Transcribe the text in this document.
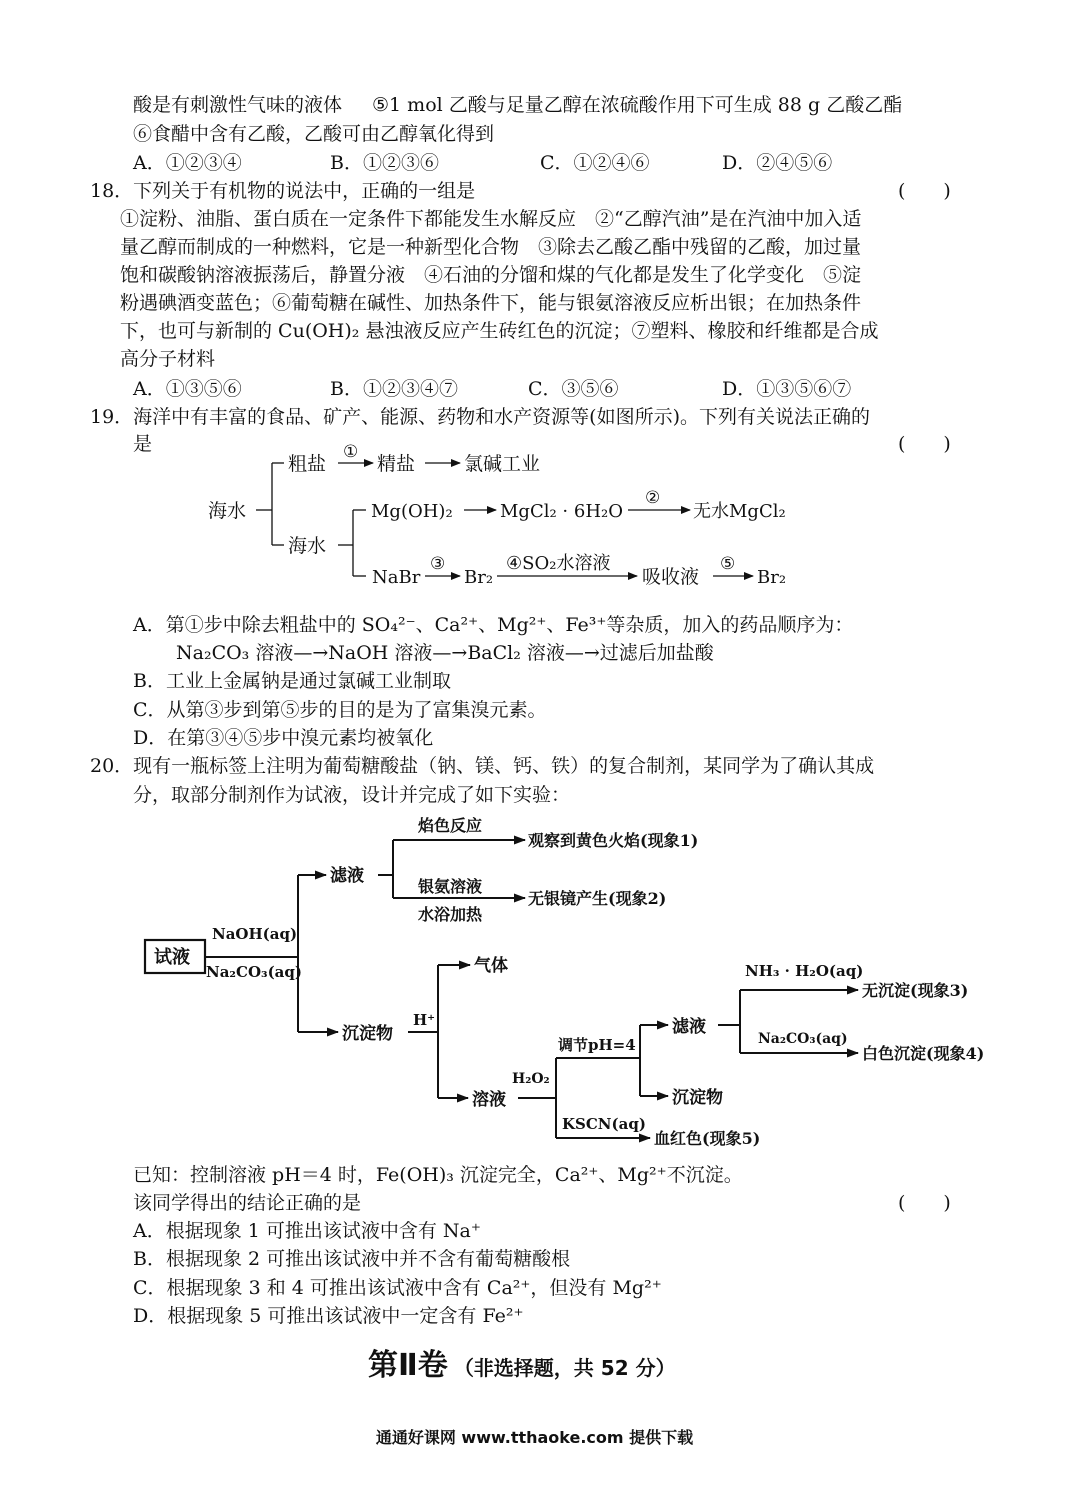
酸是有刺激性气味的液体 ⑤1 mol 乙酸与足量乙醇在浓硫酸作用下可生成 88 g 乙酸乙酯
⑥食醋中含有乙酸，乙酸可由乙醇氧化得到
A．①②③④	B．①②③⑥	C．①②④⑥	D．②④⑤⑥
18．下列关于有机物的说法中，正确的一组是	(　　)
①淀粉、油脂、蛋白质在一定条件下都能发生水解反应　②“乙醇汽油”是在汽油中加入适
量乙醇而制成的一种燃料，它是一种新型化合物　③除去乙酸乙酯中残留的乙酸，加过量
饱和碳酸钠溶液振荡后，静置分液　④石油的分馏和煤的气化都是发生了化学变化　⑤淀
粉遇碘酒变蓝色；⑥葡萄糖在碱性、加热条件下，能与银氨溶液反应析出银；在加热条件
下，也可与新制的 Cu(OH)₂ 悬浊液反应产生砖红色的沉淀；⑦塑料、橡胶和纤维都是合成
高分子材料
A．①③⑤⑥	B．①②③④⑦	C．③⑤⑥	D．①③⑤⑥⑦
19．海洋中有丰富的食品、矿产、能源、药物和水产资源等(如图所示)。下列有关说法正确的
是	(　　)
海水
粗盐
①
精盐	氯碱工业
海水
Mg(OH)₂	MgCl₂ · 6H₂O
②
无水MgCl₂
NaBr
③
Br₂
④SO₂水溶液
吸收液
⑤
Br₂
A．第①步中除去粗盐中的 SO₄²⁻、Ca²⁺、Mg²⁺、Fe³⁺等杂质，加入的药品顺序为：
Na₂CO₃ 溶液—→NaOH 溶液—→BaCl₂ 溶液—→过滤后加盐酸
B．工业上金属钠是通过氯碱工业制取
C．从第③步到第⑤步的目的是为了富集溴元素。
D．在第③④⑤步中溴元素均被氧化
20．现有一瓶标签上注明为葡萄糖酸盐（钠、镁、钙、铁）的复合制剂，某同学为了确认其成
分，取部分制剂作为试液，设计并完成了如下实验：
试液
NaOH(aq)
Na₂CO₃(aq)
滤液
焰色反应
观察到黄色火焰(现象1)
银氨溶液
水浴加热
无银镜产生(现象2)
沉淀物
H⁺
气体
溶液
H₂O₂
调节pH=4
滤液
沉淀物
NH₃ · H₂O(aq)
无沉淀(现象3)
Na₂CO₃(aq)
白色沉淀(现象4)
KSCN(aq)
血红色(现象5)
已知：控制溶液 pH＝4 时，Fe(OH)₃ 沉淀完全，Ca²⁺、Mg²⁺不沉淀。
该同学得出的结论正确的是	(　　)
A．根据现象 1 可推出该试液中含有 Na⁺
B．根据现象 2 可推出该试液中并不含有葡萄糖酸根
C．根据现象 3 和 4 可推出该试液中含有 Ca²⁺，但没有 Mg²⁺
D．根据现象 5 可推出该试液中一定含有 Fe²⁺
第Ⅱ卷 （非选择题，共 52 分）
通通好课网 www.tthaoke.com 提供下载
